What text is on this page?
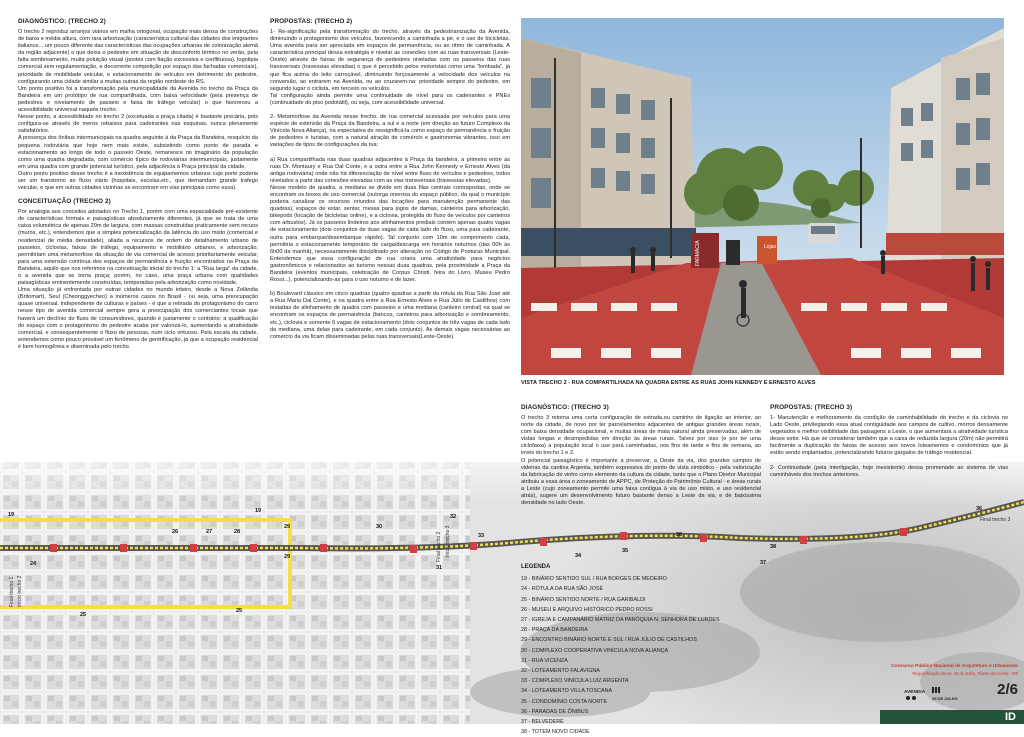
DIAGNÓSTICO: (TRECHO 2)

O trecho 2 reproduz arranjos viários em malha ortogonal, ocupação mais densa de construções de baixa e média altura, com rara arborização (característica cultural das cidades dos imigrantes italianos... um pouco diferente das características das ocupações urbanas de colonização alemã da região adjacente) o que deixa o pedestre em situação de desconforto térmico no verão, pela falta sombreamento, muita poluição visual (postes com fiação excessiva e conflituosa), logotipia comercial sem regulamentação, e decorrente competição por espaço das fachadas comerciais), prioridade de mobilidade veicular, e estacionamento de veículos em detrimento do pedestre, configurando uma cidade similar a muitas outras da região nordeste do RS.

Um ponto positivo foi a transformação pela municipalidade da Avenida no trecho da Praça da Bandeira em um protótipo de rua compartilhada, com baixa velocidade (pela presença de pedestres e nivelamento de passeio e faixa de tráfego veicular) o que favoreceu a acessibilidade universal naquele trecho.

Nesse ponto, a acessibilidade no trecho 2 (excetuada a praça citada) é bastante precária, pois configura-se através de meros rebaixos para cadeirantes nas esquinas, nunca plenamente satisfatórios.

A presença dos ônibus intermunicipais na quadra seguinte à da Praça da Bandeira, resquício da pequena rodoviária que hoje nem mais existe, subsistindo como ponto de parada e estacionamento ao longo de todo o passeio Oeste, remanesce no imaginário da população como uma quadra degradada, com comércio típico de rodoviárias intermunicipais, justamente em uma quadra com grande potencial turístico, pela adjacência à Praça principal da cidade.

Outro ponto positivo desse trecho é a inexistência de equipamentos urbanos cujo porte poderia ser um transtorno ao fluxo viário (hospitais, escolas,etc., que demandam grande tráfego veicular, e que em outras cidades vizinhas se encontram em vias principais como essa).

CONCEITUAÇÃO (TRECHO 2)

Por analogia aos conceitos adotados no Trecho 1, porém com uma espacialidade pré-existente de características formais e paisagísticas absolutamente diferentes, já que se trata de uma caixa volumétrica de apenas 20m de largura, com massas construídas praticamente sem recuos (muros, etc.), entendemos que a simples potencialização da latência do uso misto (comercial e residencial de média densidade), aliada a recursos de ordem do detalhamento urbano de passeios, ciclovias, faixas de tráfego, equipamento e mobiliário urbanos, e arborização, permitiriam uma metamorfose da situação de via comercial de acesso prioritariamente veicular, para uma extensão contínua dos espaços de permanência e fruição encontrados na Praça da Bandeira, aquilo que nos referimos na conceituação inicial do trecho 1: a "Rua larga" da cidade, o a avenida que se torna praça; porém, no caso, uma praça urbana com qualidades paisagísticas eminentemente construídas, temperadas pela arborização como novidade.

Uma situação já enfrentada por outras cidades no mundo inteiro, desde a Nova Zelândia (Britomart), Seul (Cheonggyecheo) a inúmeros casos no Brasil - ou seja, uma preocupação quase universal, independente de culturas e países - é que a retirada do protagonismo do carro nesse tipo de avenida comercial sempre gera a preocupação dos comerciantes locais que haverá um declínio do fluxo de consumidores, quando é justamente o contrário: a qualificação do espaço com o protagonismo do pedestre acaba por valorizá-lo, aumentando a atratividade comercial, e consequentemente o fluxo de pessoas, num ciclo virtuoso. Pela escala da cidade, entendemos como pouco provável um fenômeno de gentrificação, já que a ocupação residencial é bem homogênea e diseminada pelo trecho.

PROPOSTAS: (TRECHO 2)

1- Re-significação pela transformação do trecho, através da pedestrianização da Avenida, diminuindo o protagonismo dos veículos, favorecendo a caminhada a pé, e o uso de bicicletas. Uma avenida para ser apreciada em espaços de permanência, ou ao ritmo de caminhada. A característica principal dessa estratégia é nivelar as conexões com as ruas transversais (Leste-Oeste) através de faixas de segurança de pedestres niveladas com os passeios das ruas transversais (travessias elevadas) o que é percebido pelos motoristas como uma "lombada", já que fica acima do leito carroçável, diminuindo forçosamente a velocidade dos veículos na conversão, ao entrarem na Avenida, ou ao cruzarem-na: prioridade sempre do pedestre, em segundo lugar o ciclista, em terceiro os veículos.

Tal configuração ainda permite uma continuidade de nível para os cadeirantes e PNEs (continuidade do piso podotátil), ou seja, com acessibilidade universal.

2- Metamorfose da Avenida nesse trecho, de rua comercial acessada por veículos para uma espécie de extensão da Praça da Bandeira, a sul e a norte (em direção ao futuro Complexo da Vinícola Nova Aliança), na expectativa de ressignificá-la como espaço de permanência e fruição de pedestres e turistas, com a natural atração de comércio e gastronomia vibrantes, isso em variações de tipos de configurações da rua:

a) Rua compartilhada nas duas quadras adjacentes à Praça da bandeira, a primeira entre as ruas Dr. Montaury e Rua Dal Conte, e a outra entre a Rua John Kennedy e Ernesto Alves (da antiga rodoviária) onde não há diferenciação de nível entre fluxo de veículos e pedestres, todos nivelados a partir das conexões elevadas com as vias transversais (travessias elevadas).

Nesse modelo de quadra, a mediana se divide em duas filas centrais contrapostas, onde se encontram os boxes de uso comercial (outorga onerosa do espaço público, da qual o município poderia canalizar os recursos oriundos das locações para manutenção permanente das quadras), espaços de estar, sentar, mesas para jogos de damas, canteiros para arborização, bikepods (locação de bicicletas online), e a ciclovia, protegida do fluxo de veículos por canteiros com arbustos). Já os passeios lindeiros aos alinhamentos prediais contém apenas quatro vagas de estacionamento (dois conjuntos de duas vagas de cada lado do fluxo, uma para cadeirante, outra para embarque/desembarque rápido). Tal conjunto com 10m de comprimento cada, permitiria o estacionamento temporário de carga/descarga em horários noturnos (das 00h às 6h00 da manhã), necessariamente disciplinado por alteração no Código de Posturas Municipal. Entendemos que essa configuração de rua criaria uma atratividade para negócios gastronômicos e relacionados ao turismo nessas duas quadras, pela proximidade a Praça da Bandeira (eventos municipais, celebração de Corpus Christi, feira do Livro, Museu Pedro Rossi...), potencializando-as para o uso noturno e de lazer.

b) Boulevard clássico em cinco quadras (quatro quadras a partir da rótula da Rua São José até a Rua Maria Dal Conte), e na quadra entre a Rua Ernesto Alves e Rua Júlio de Castilhos) com testadas de alinhamento de quadra com passeios e uma mediana (canteiro central) na qual se encontram os espaços de permanência (bancos, canteiros para arborização e sombreamento, etc.), ciclovia e somente 6 vagas de estacionamento (dois conjuntos de três vagas de cada lado da mediana, uma delas para cadeirante, em cada conjunto). As demais vagas necessárias ao comércio da via ficam disseminadas pelas ruas transversais(Leste-Oeste).

FARMÁCIA	Lojas
VISTA TRECHO 2 - RUA COMPARTILHADA NA QUADRA ENTRE AS RUAS JOHN KENNEDY E ERNESTO ALVES
19
24
25
26	27	28
29	30
31
32
33
34
35
36
37
38
19
25
29
36
Final trecho 1 Início trecho 2
Final trecho 2 Início trecho 3
Final trecho 3
DIAGNÓSTICO: (TRECHO 3)

O trecho 3 retoma uma certa configuração de estrada,ou caminho de ligação ao interior, ao norte da cidade, de novo por ter parcelamentos adjacentes de antigas grandes áreas rurais, com baixa densidade ocupacional, e muitas áreas de mata natural ainda preservadas, além de vistas longas e desimpedidas em direção às áreas rurais. Talvez por isso (e por ter uma ciclofaixa) a população local o use para caminhadas, nos fins de tarde e fins de semana, ao invés do trecho 1 e 2.

O potencial paisagístico é importante a preservar, a Oeste da via, dos grandes campos de videiras da cantina Argenta, também expressiva do ponto de vista simbólico - pela valorização da fabricação do vinho como elemento da cultura da cidade, tanto que o Plano Diretor Municipal atribuiu a essa área o zoneamento de APPC, de Proteção do Patrimônio Cultural - e áreas rurais a Leste (cujo zoneamento permite uma faixa contígua à via de uso misto, e uso residencial atrás), sugere um desenvolvimento futuro bastante denso a Leste da via, e de baixíssima densidade no lado Oeste.

PROPOSTAS: (TRECHO 3)

1- Manutenção e melhoramento da condição de caminhabilidade do trecho e da ciclovia no Lado Oeste, privilegiando essa atual contiguidade aos campos de cultivo, morros densamente vegetados e melhor visibilidade das paisagens a Leste, o que aumentará a atratividade turística desse setor. Há que se considerar também que a caixa de reduzida largura (20m) não permitirá facilmente a duplicação de faixas de acesso aos novos loteamentos e condomínios que já estão sendo implantados, potencializando futuros gargalos de tráfego residencial.

2- Continuidade (pela interligação, hoje inexistente) dessa promenade ao sistema de vias caminháveis dos trechos anteriores.

LEGENDA
19 - BINÁRIO SENTIDO SUL / RUA BORGES DE MEDEIRO
24 - RÓTULA DA RUA SÃO JOSÉ
25 - BINÁRIO SENTIDO NORTE / RUA GARIBALDI
26 - MUSEU E ARQUIVO HISTÓRICO PEDRO ROSSI
27 - IGREJA E CAMPANÁRIO MATRIZ DA PARÓQUIA N. SENHORA DE LURDES
28 - PRAÇA DA BANDEIRA
29 - ENCONTRO BINÁRIO NORTE E SUL / RUA JÚLIO DE CASTILHOS
30 - COMPLEXO COOPERATIVA VINÍCULA NOVA ALIANÇA
31 - RUA VICENZA
32 - LOTEAMENTO FALAVIGNA
33 - COMPLEXO VINÍCULA LUIZ ARGENTA
34 - LOTEAMENTO VILLA TOSCANA
35 - CONDOMÍNIO COSTA NORTE
36 - PARADAS DE ÔNIBUS
37 - BELVEDERE
38 - TOTEM NOVO CIDADE
Concurso Público Nacional de Arquitetura e Urbanismo
Requalificação da Av. 25 de Julho, Flores da Cunha - RS
AVENIDA
25 DE JULHO
2/6
ID
